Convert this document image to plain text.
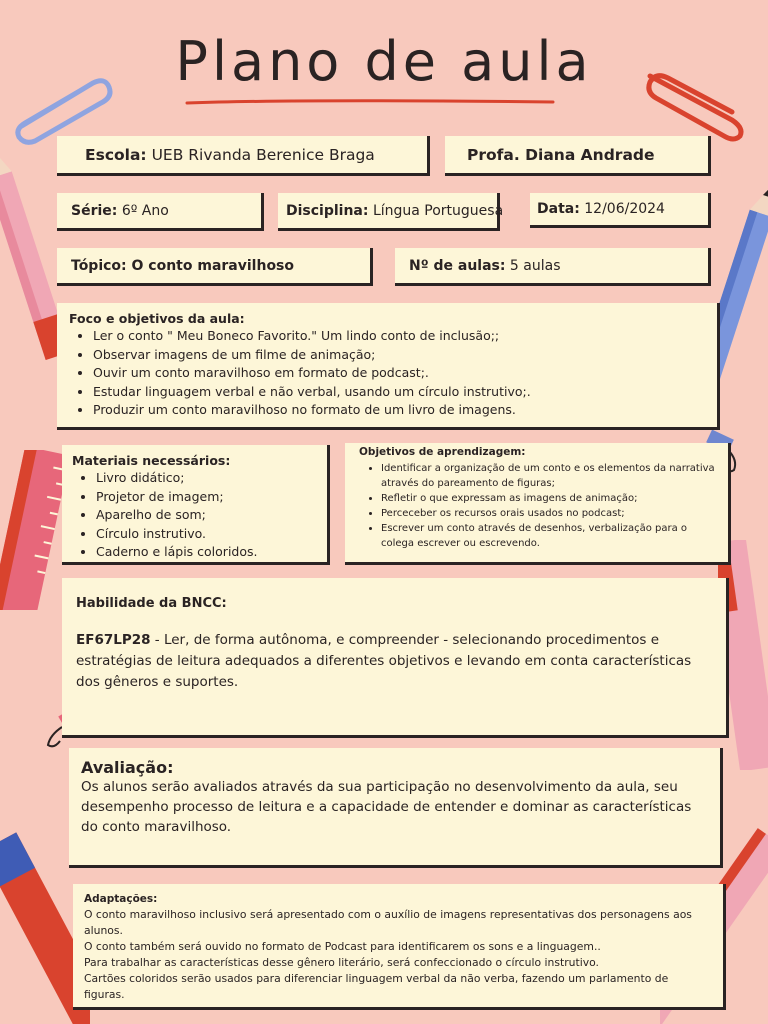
Plano de aula
Escola: UEB Rivanda Berenice Braga	Profa. Diana Andrade
Série: 6º Ano	Disciplina: Língua Portuguesa Data: 12/06/2024
Tópico: O conto maravilhoso	Nº de aulas: 5 aulas
Foco e objetivos da aula:
• Ler o conto " Meu Boneco Favorito." Um lindo conto de inclusão;;
• Observar imagens de um filme de animação;
• Ouvir um conto maravilhoso em formato de podcast;.
• Estudar linguagem verbal e não verbal, usando um círculo instrutivo;.
• Produzir um conto maravilhoso no formato de um livro de imagens.
Materiais necessários:
• Livro didático;
• Projetor de imagem;
• Aparelho de som;
• Círculo instrutivo.
• Caderno e lápis coloridos.
Objetivos de aprendizagem:
• Identificar a organização de um conto e os elementos da narrativa através do pareamento de figuras;
• Refletir o que expressam as imagens de animação;
• Perceceber os recursos orais usados no podcast;
• Escrever um conto através de desenhos, verbalização para o colega escrever ou escrevendo.
Habilidade da BNCC:
EF67LP28 - Ler, de forma autônoma, e compreender - selecionando procedimentos e estratégias de leitura adequados a diferentes objetivos e levando em conta características dos gêneros e suportes.
Avaliação:
Os alunos serão avaliados através da sua participação no desenvolvimento da aula, seu desempenho processo de leitura e a capacidade de entender e dominar as características do conto maravilhoso.
Adaptações:
O conto maravilhoso inclusivo será apresentado com o auxílio de imagens representativas dos personagens aos alunos.
O conto também será ouvido no formato de Podcast para identificarem os sons e a linguagem..
Para trabalhar as características desse gênero literário, será confeccionado o círculo instrutivo.
Cartões coloridos serão usados para diferenciar linguagem verbal da não verba, fazendo um parlamento de figuras.
